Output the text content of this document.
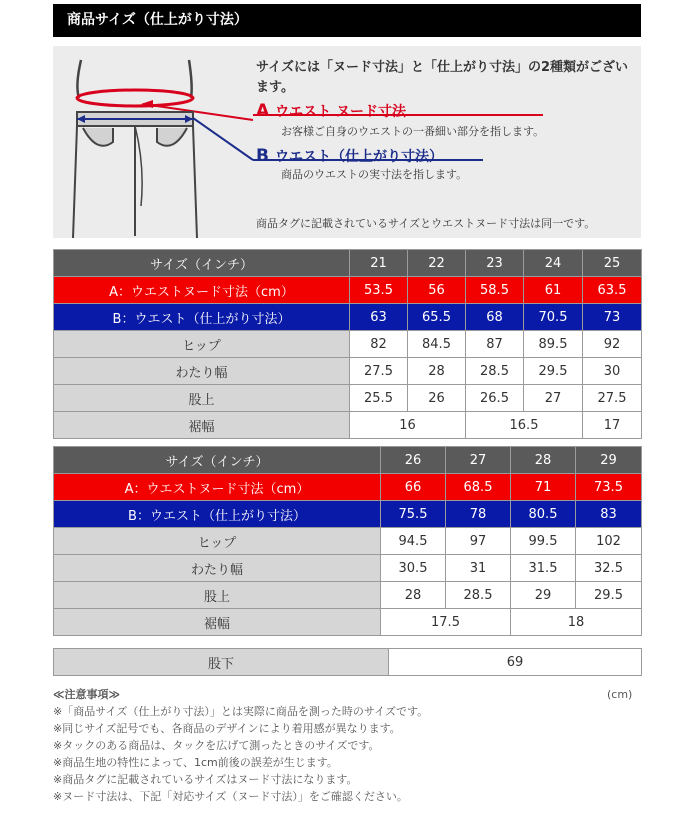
商品サイズ（仕上がり寸法）
サイズには「ヌード寸法」と「仕上がり寸法」の2種類がございます。
A ウエスト ヌード寸法
お客様ご自身のウエストの一番細い部分を指します。
B ウエスト（仕上がり寸法）
商品のウエストの実寸法を指します。
商品タグに記載されているサイズとウエストヌード寸法は同一です。
サイズ（インチ）	21	22	23	24	25
A：ウエストヌード寸法（cm）	53.5	56	58.5	61	63.5
B：ウエスト（仕上がり寸法）	63	65.5	68	70.5	73
ヒップ	82	84.5	87	89.5	92
わたり幅	27.5	28	28.5	29.5	30
股上	25.5	26	26.5	27	27.5
裾幅	16		16.5		17
サイズ（インチ）	26	27	28	29
A：ウエストヌード寸法（cm）	66	68.5	71	73.5
B：ウエスト（仕上がり寸法）	75.5	78	80.5	83
ヒップ	94.5	97	99.5	102
わたり幅	30.5	31	31.5	32.5
股上	28	28.5	29	29.5
裾幅	17.5		18	
股下	69
(cm)
≪注意事項≫
※「商品サイズ（仕上がり寸法）」とは実際に商品を測った時のサイズです。
※同じサイズ記号でも、各商品のデザインにより着用感が異なります。
※タックのある商品は、タックを広げて測ったときのサイズです。
※商品生地の特性によって、1cm前後の誤差が生じます。
※商品タグに記載されているサイズはヌード寸法になります。
※ヌード寸法は、下記「対応サイズ（ヌード寸法）」をご確認ください。
